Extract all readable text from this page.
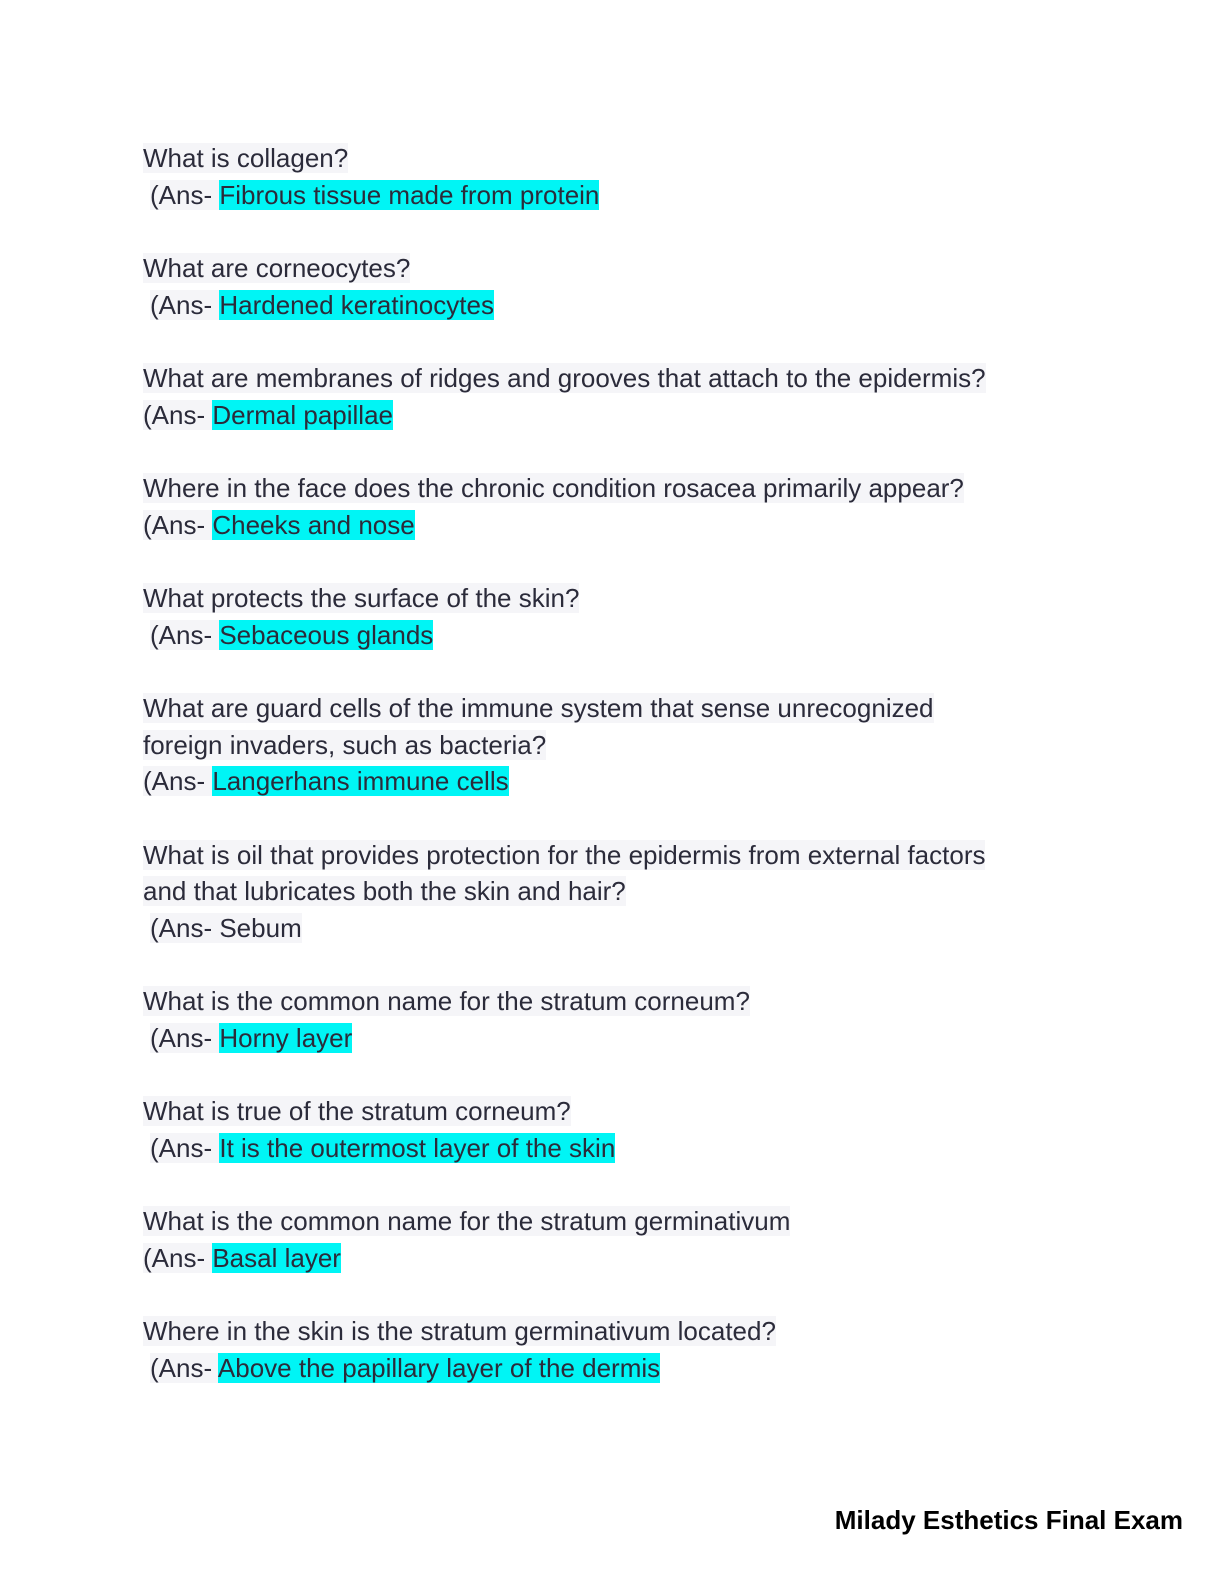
What is collagen?
(Ans- Fibrous tissue made from protein
What are corneocytes?
(Ans- Hardened keratinocytes
What are membranes of ridges and grooves that attach to the epidermis?
(Ans- Dermal papillae
Where in the face does the chronic condition rosacea primarily appear?
(Ans- Cheeks and nose
What protects the surface of the skin?
(Ans- Sebaceous glands
What are guard cells of the immune system that sense unrecognized
foreign invaders, such as bacteria?
(Ans- Langerhans immune cells
What is oil that provides protection for the epidermis from external factors
and that lubricates both the skin and hair?
(Ans- Sebum
What is the common name for the stratum corneum?
(Ans- Horny layer
What is true of the stratum corneum?
(Ans- It is the outermost layer of the skin
What is the common name for the stratum germinativum
(Ans- Basal layer
Where in the skin is the stratum germinativum located?
(Ans- Above the papillary layer of the dermis
Milady Esthetics Final Exam
